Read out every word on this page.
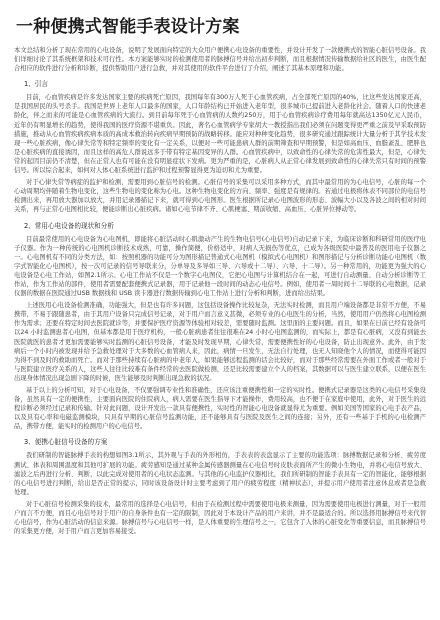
一种便携式智能手表设计方案

本文总结和分析了现在常用的心电设备，说明了发展面向特定的大众用户便携心电设备的重要性，并设计开发了一款便携式的智能心脏信号设备。我们详细讨论了其系统框架和技术可行性。本方案能够实时的检测使用者的脉搏信号并给出初步判断，而且根据情况传输数据给社区的医生，由医生配合相应的软件进行分析和诊断，提供帮助用户进行急救，并对其使用的软件平台进行了介绍，阐述了其基本原理和功能。

1、引言

目前，心血管疾病是许多发达国家主要的疾病死亡原因，我国每年有300万人死于心血管疾病，占全部死亡原因的40%，比这些发达国家还高，是我国居民的头号杀手。我国是世界上老年人口最多的国家，人口年龄结构已开始进入老年型，很多城市已提前进入老龄化社会。随着人口的快速老龄化，伴之而来的可能是心血管疾病的大流行。到目前每年死于心血管病的人数约250万，用于心血管疾病诊疗费用每年就高达1350亿元人民币，近年仍有明显增长的趋势，使得我国的医疗资源不堪重负。因此，著名心血管病学专家胡大一教授指出我们必须在问题变得更严重之前及早采取预防措施，推动从心血管疾病疾病本质的高成本救治转向疾病早期预防的战略转移。能应对种种变化趋势，很多研究通过跟踪统计大量分析于其学技术发现一些心脏疾病，像心律失常等和特定频率的变化有一定关系，以便对一些可能患病人群的前期筛查和早期预警，但是如高血压、血脂紊乱、肥胖也是心脏疾病的直接诱因，而且这样的高危人群说远多于带有特定基因变异的人群。心血管疾病中，以致命性的心律失常的危害性最大，但是，心律失常的起因目前仍不清楚，但在正常人也有可能在没有明显症状下发病。更为严重的是，心脏病人从正常心律发展到致命性的心律失常只有时间的预警信号。所以综合起来，如何对人体心脏系统进行监护和过程预警显得更为迫切和尤为重要。

对于心律失常等病症的监护和检测，需要用到心脏信号的检测。心脏信号的采集可以采用多种方式，而其中最常用的为心电信号，心脏的每一个心动周期均伴随着生物电变化，这些生物电的变化称为心电。这种生物电变化的方向、频率、强度是有规律的。若通过电极将体表不同部位的电信号检测出来，再用放大器加以放大，并用记录器描记下来，就可得到心电图形。医生根据所记录心电图波形的形态、波幅大小以及各波之间的相对时间关系，再与正常心电图相比较，便能诊断出心脏疾病。诸如心电节律不齐、心肌梗塞、期前收缩、高血压、心脏异位搏动等。

2、常用心电设备的现状和分析

目前最常使用的心电设备为心电图机，即能将心脏活动时心肌激动产生的生物电信号(心电信号)自动记录下来，为临床诊断和科研常用的医疗电子仪器。作为一种传统的心电图机诊断技术成熟，可靠，操作简便，价格适中，对病人无损伤等优点，已成为各级医院中最普及的医用电子仪器之一。心电图机有不同的分类方法，如：按照机器的功能可分为图形描记普通式心电图机（模拟式心电图机）和图形描记与分析诊断功能心电图机（数字式智能化心电图机），按一次可记录的信号导联来分，分单导及多导如三导、六导或十二导）、六导、十二导）。另一种常用的，功能更为强大的心电设备是心电工作站，如图2.1所示。心电工作站不仅是一个数字心电图仪，它把心电图与计算机结合在一起，可进行自动测量、自动分析诊断等工作站，作为工作站的部件，使用者需要配套便携式记录器，用于记录他一段时间的动态心电信号。例如，使用者一周时间十二导联的心电数据，记录仪器的数据在医院通过USB 数据线和 USB 读卡器进行数据传输到心电工作站上进行分析和判断，进而给出结果。

上述医用心电设备检测准确，功能强大，但是也有许多问题，这包括设备操作比较复杂，无法实时检测，而且用户端设备都是非常不方便，不易携带，不易于跟随患者，由于其用户设备只完成信号记录，对于用户而言意义甚微，必须专业的心电医生的分析，当然，使用用户仍然将心电图检测作为需求；还要在特定时间去医院就诊等，并要保护医疗资源等体验相对较差，需要随时监测。这里面的主要问题。而且，如果在日前已经有设备可以24 小时监测患者心电图，但基本都是用于医疗机构，一般心脏病患者往往很难在24 小时心电图监测的，而实际上，都是有心脏病，又没有到能去医院就医的患者才更加需要能够实时监测的心脏信号设备，才能及时发现早期，心律失常，需要便携性好的心电设备，防止出现意外。此外，由于发病后一个小时内被发现并给予急救处理对于大多数的心血管病人来，因此，病情一旦发生，无法自行处理，也无人知晓他个人的情况，而使得可能因为得不到及时的救助而死亡。而对于那些持续有心脏病的中老年人，如果能够远程监测的话会比较好，而对于那些经常需要在外面工作或者一般对于与医院建立医疗关系的人，这些人往往比较难有条件经常的去医院做检测，还是比较需要建立个人的档案，其数据可以与医生建立联系，以便在医生出现身体情况出现急剧下降的时候，医生能够及时判断出现急救的状况。

基于以上的分析可知，对于心电设备，不仅要强调专业性和准确性，还应该注重便携性和一定的实时性。便携式记录器是这类的心电信号采集设备，虽然具有一定的便携性，主要面向医院的住院病人，病人需要在医生指导下才能操作，费用较高，也不便于在家庭中使用，此外，对于医生的远程诊断必须经过记录和传输。针对此问题，设计开发出一款具有便携性，实时性的智能心电设备就显得尤为重要。例如美国等国家的心电手表产品，以及具有心率和电磁监测模块，只具有早期的心脏信号监测功能，还不能够具有与医院及医生之间的连接；另外，还有一些基于手机的心电检测产品，携带方便，能实时的检测用户的心电信号。

3、便携心脏信号设备的方案

我们研制的智能脉搏手表的构想如图3.1所示，其外观与手表的外形相仿，手表表的表盘显示了主要的功能选项：脉搏数据记录和分析、疲劳度测试、体表和周围温度和其他可扩展的功能。疲劳感知是通过某种金属传感器测量在心电信号时皮肤表面所产生的微小生物电，并将心电信号放大、滤波之后再进行分析、判断，以此完成对使用者的心电状态监测。与其他的心电监护仪器相比，我们所研制的智能手表具有一定的智能化，能够根据的心电信号进行判断，给出是否正常的提示，同时该设备设计时主要考虑到了用户的疲劳程度（精神状态），并提示用户使用者注意休息或者是急救处理。

对于心脏信号检测采集的技术，最常用的选择是心电信号，但由于在检测过程中需要使用电极来测量，因为需要使用电极进行测量，对于一般用户而言不方便，而且心电信号对于用户的自身条件也有一定的限制，因此对于本设计产品的用户来讲，并不是最适合的。所以选择用脉搏信号来代替心电信号，作为心脏活动的信息来源。脉搏信号与心电信号一样，是人体重要的生理信号之一，它包含了人体的心脏变化等重要信息，而且脉搏信号的采集更方便，对于用户而言更加容易接受。
